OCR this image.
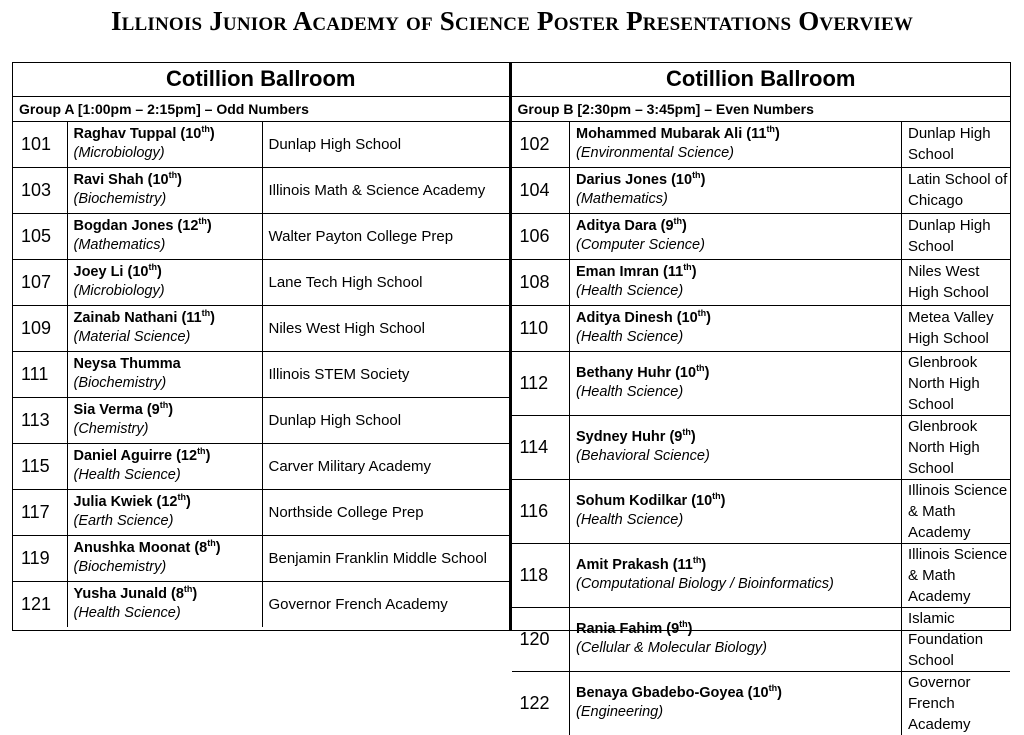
Illinois Junior Academy of Science Poster Presentations Overview
Cotillion Ballroom		
Group A [1:00pm – 2:15pm] – Odd Numbers		
101	Raghav Tuppal (10th)
(Microbiology)	Dunlap High School
103	Ravi Shah (10th)
(Biochemistry)	Illinois Math & Science Academy
105	Bogdan Jones (12th)
(Mathematics)	Walter Payton College Prep
107	Joey Li (10th)
(Microbiology)	Lane Tech High School
109	Zainab Nathani (11th)
(Material Science)	Niles West High School
111	Neysa Thumma
(Biochemistry)	Illinois STEM Society
113	Sia Verma (9th)
(Chemistry)	Dunlap High School
115	Daniel Aguirre (12th)
(Health Science)	Carver Military Academy
117	Julia Kwiek (12th)
(Earth Science)	Northside College Prep
119	Anushka Moonat (8th)
(Biochemistry)	Benjamin Franklin Middle School
121	Yusha Junald (8th)
(Health Science)	Governor French Academy
Cotillion Ballroom		
Group B [2:30pm – 3:45pm] – Even Numbers		
102	Mohammed Mubarak Ali (11th)
(Environmental Science)	Dunlap High School
104	Darius Jones (10th)
(Mathematics)	Latin School of Chicago
106	Aditya Dara (9th)
(Computer Science)	Dunlap High School
108	Eman Imran (11th)
(Health Science)	Niles West High School
110	Aditya Dinesh (10th)
(Health Science)	Metea Valley High School
112	Bethany Huhr (10th)
(Health Science)	Glenbrook North High School
114	Sydney Huhr (9th)
(Behavioral Science)	Glenbrook North High School
116	Sohum Kodilkar (10th)
(Health Science)	Illinois Science & Math Academy
118	Amit Prakash (11th)
(Computational Biology / Bioinformatics)	Illinois Science & Math Academy
120	Rania Fahim (9th)
(Cellular & Molecular Biology)	Islamic Foundation School
122	Benaya Gbadebo-Goyea (10th)
(Engineering)	Governor French Academy
